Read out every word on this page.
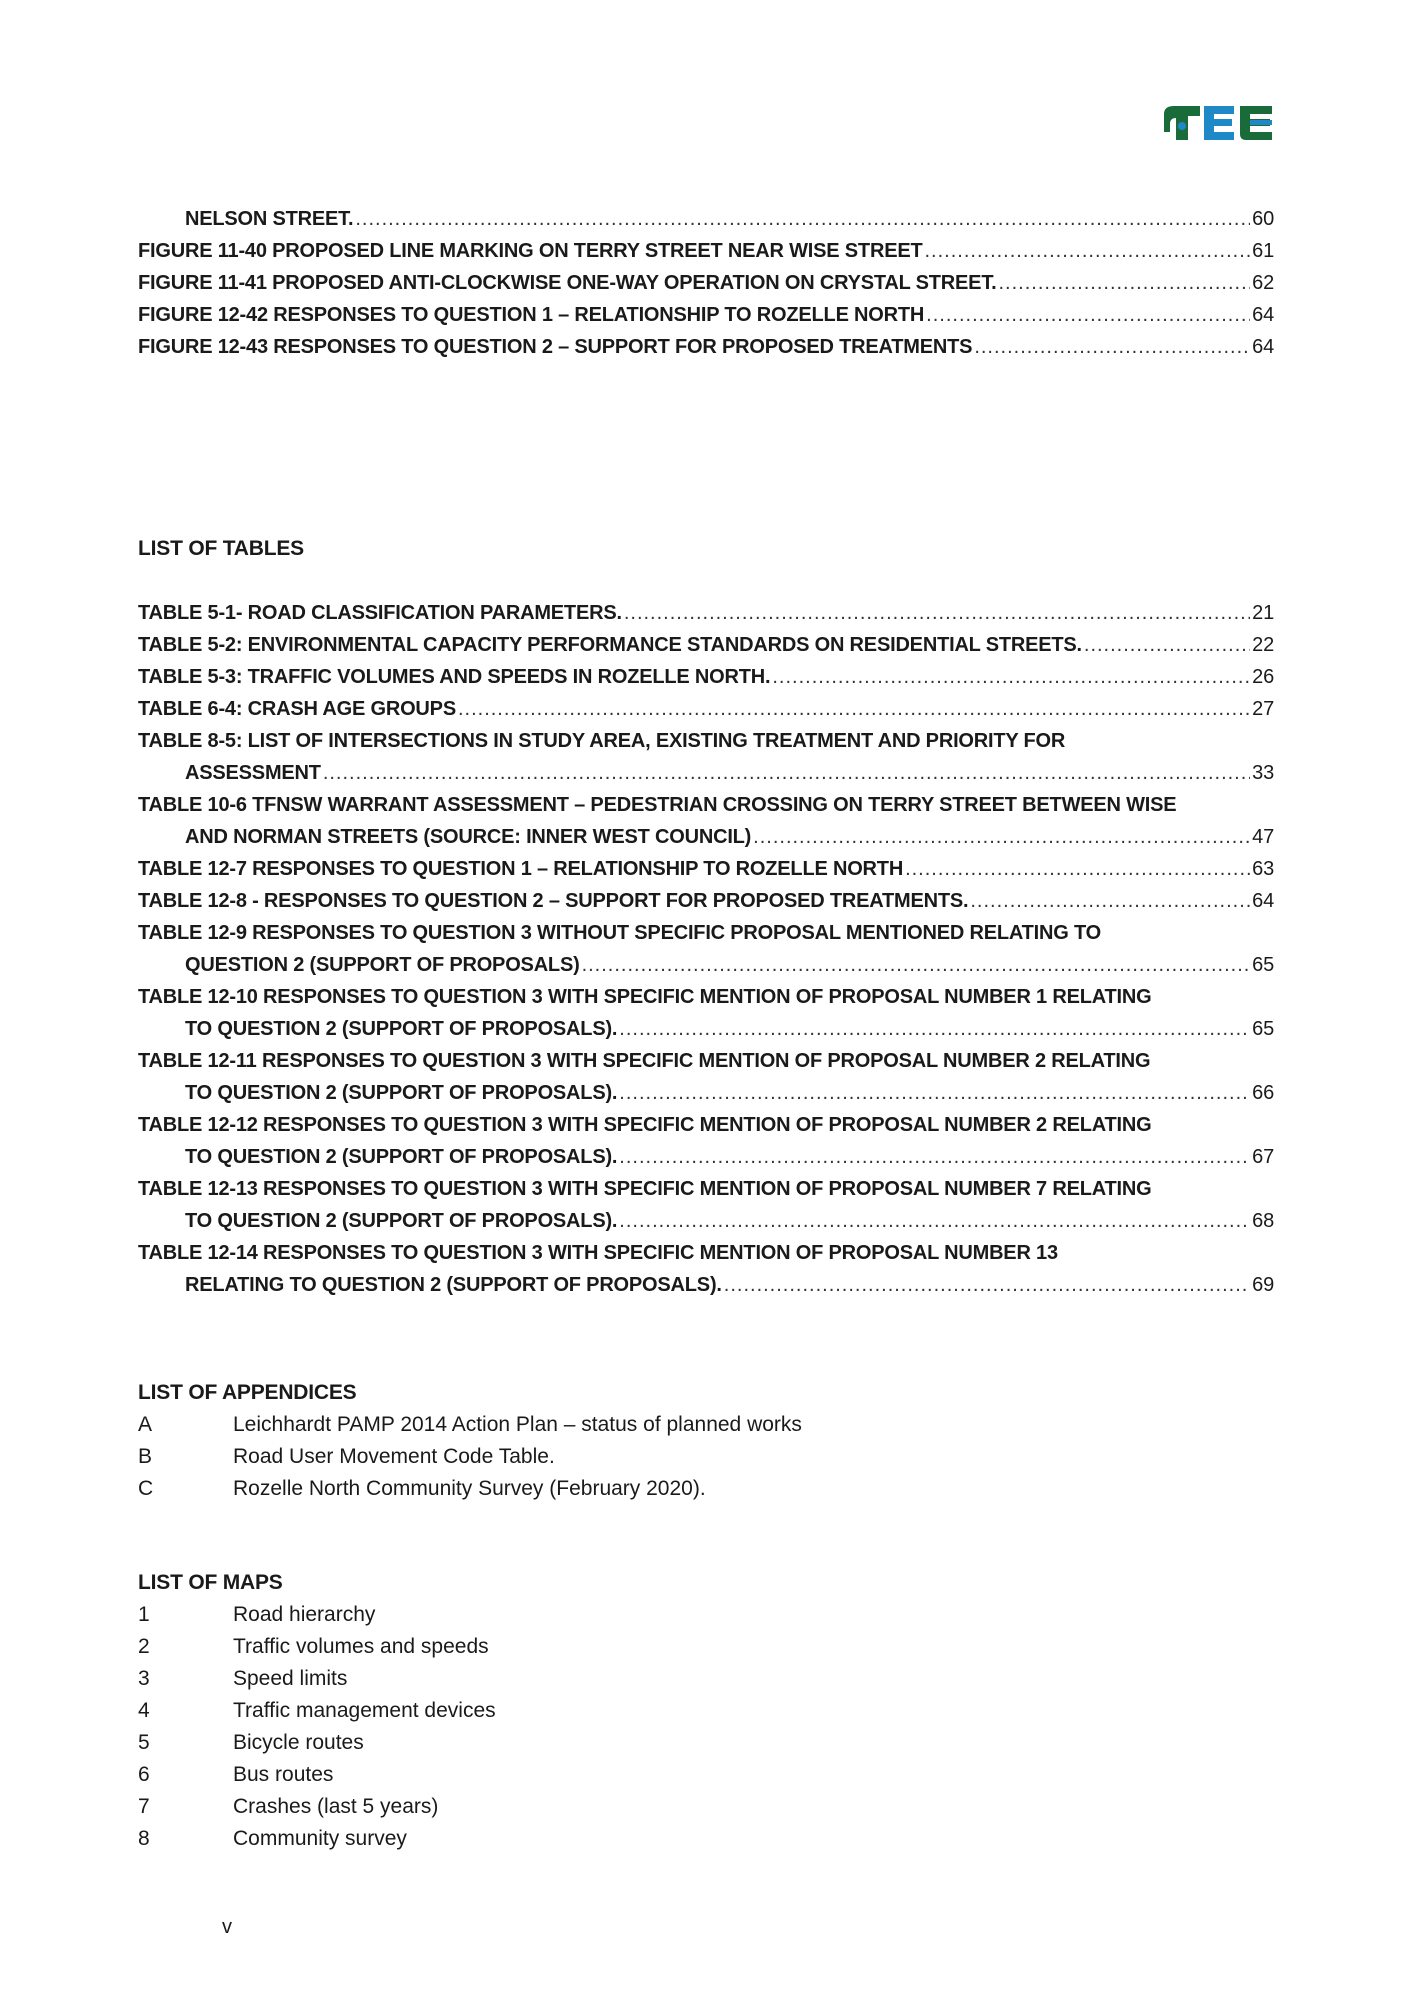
NELSON STREET. .....	60
FIGURE 11-40 PROPOSED LINE MARKING ON TERRY STREET NEAR WISE STREET .....	61
FIGURE 11-41 PROPOSED ANTI-CLOCKWISE ONE-WAY OPERATION ON CRYSTAL STREET. .....	62
FIGURE 12-42 RESPONSES TO QUESTION 1 – RELATIONSHIP TO ROZELLE NORTH .....	64
FIGURE 12-43 RESPONSES TO QUESTION 2 – SUPPORT FOR PROPOSED TREATMENTS .....	64
LIST OF TABLES
TABLE 5-1- ROAD CLASSIFICATION PARAMETERS. .....	21
TABLE 5-2: ENVIRONMENTAL CAPACITY PERFORMANCE STANDARDS ON RESIDENTIAL STREETS. .....	22
TABLE 5-3: TRAFFIC VOLUMES AND SPEEDS IN ROZELLE NORTH. .....	26
TABLE 6-4: CRASH AGE GROUPS .....	27
TABLE 8-5: LIST OF INTERSECTIONS IN STUDY AREA, EXISTING TREATMENT AND PRIORITY FOR
ASSESSMENT .....	33
TABLE 10-6 TFNSW WARRANT ASSESSMENT – PEDESTRIAN CROSSING ON TERRY STREET BETWEEN WISE
AND NORMAN STREETS (SOURCE: INNER WEST COUNCIL) .....	47
TABLE 12-7 RESPONSES TO QUESTION 1 – RELATIONSHIP TO ROZELLE NORTH .....	63
TABLE 12-8 - RESPONSES TO QUESTION 2 – SUPPORT FOR PROPOSED TREATMENTS. .....	64
TABLE 12-9 RESPONSES TO QUESTION 3 WITHOUT SPECIFIC PROPOSAL MENTIONED RELATING TO
QUESTION 2 (SUPPORT OF PROPOSALS) .....	65
TABLE 12-10 RESPONSES TO QUESTION 3 WITH SPECIFIC MENTION OF PROPOSAL NUMBER 1 RELATING
TO QUESTION 2 (SUPPORT OF PROPOSALS). .....	65
TABLE 12-11 RESPONSES TO QUESTION 3 WITH SPECIFIC MENTION OF PROPOSAL NUMBER 2 RELATING
TO QUESTION 2 (SUPPORT OF PROPOSALS). .....	66
TABLE 12-12 RESPONSES TO QUESTION 3 WITH SPECIFIC MENTION OF PROPOSAL NUMBER 2 RELATING
TO QUESTION 2 (SUPPORT OF PROPOSALS). .....	67
TABLE 12-13 RESPONSES TO QUESTION 3 WITH SPECIFIC MENTION OF PROPOSAL NUMBER 7 RELATING
TO QUESTION 2 (SUPPORT OF PROPOSALS). .....	68
TABLE 12-14 RESPONSES TO QUESTION 3 WITH SPECIFIC MENTION OF PROPOSAL NUMBER 13
RELATING TO QUESTION 2 (SUPPORT OF PROPOSALS). .....	69
LIST OF APPENDICES
A	Leichhardt PAMP 2014 Action Plan – status of planned works
B	Road User Movement Code Table.
C	Rozelle North Community Survey (February 2020).
LIST OF MAPS
1	Road hierarchy
2	Traffic volumes and speeds
3	Speed limits
4	Traffic management devices
5	Bicycle routes
6	Bus routes
7	Crashes (last 5 years)
8	Community survey
v
